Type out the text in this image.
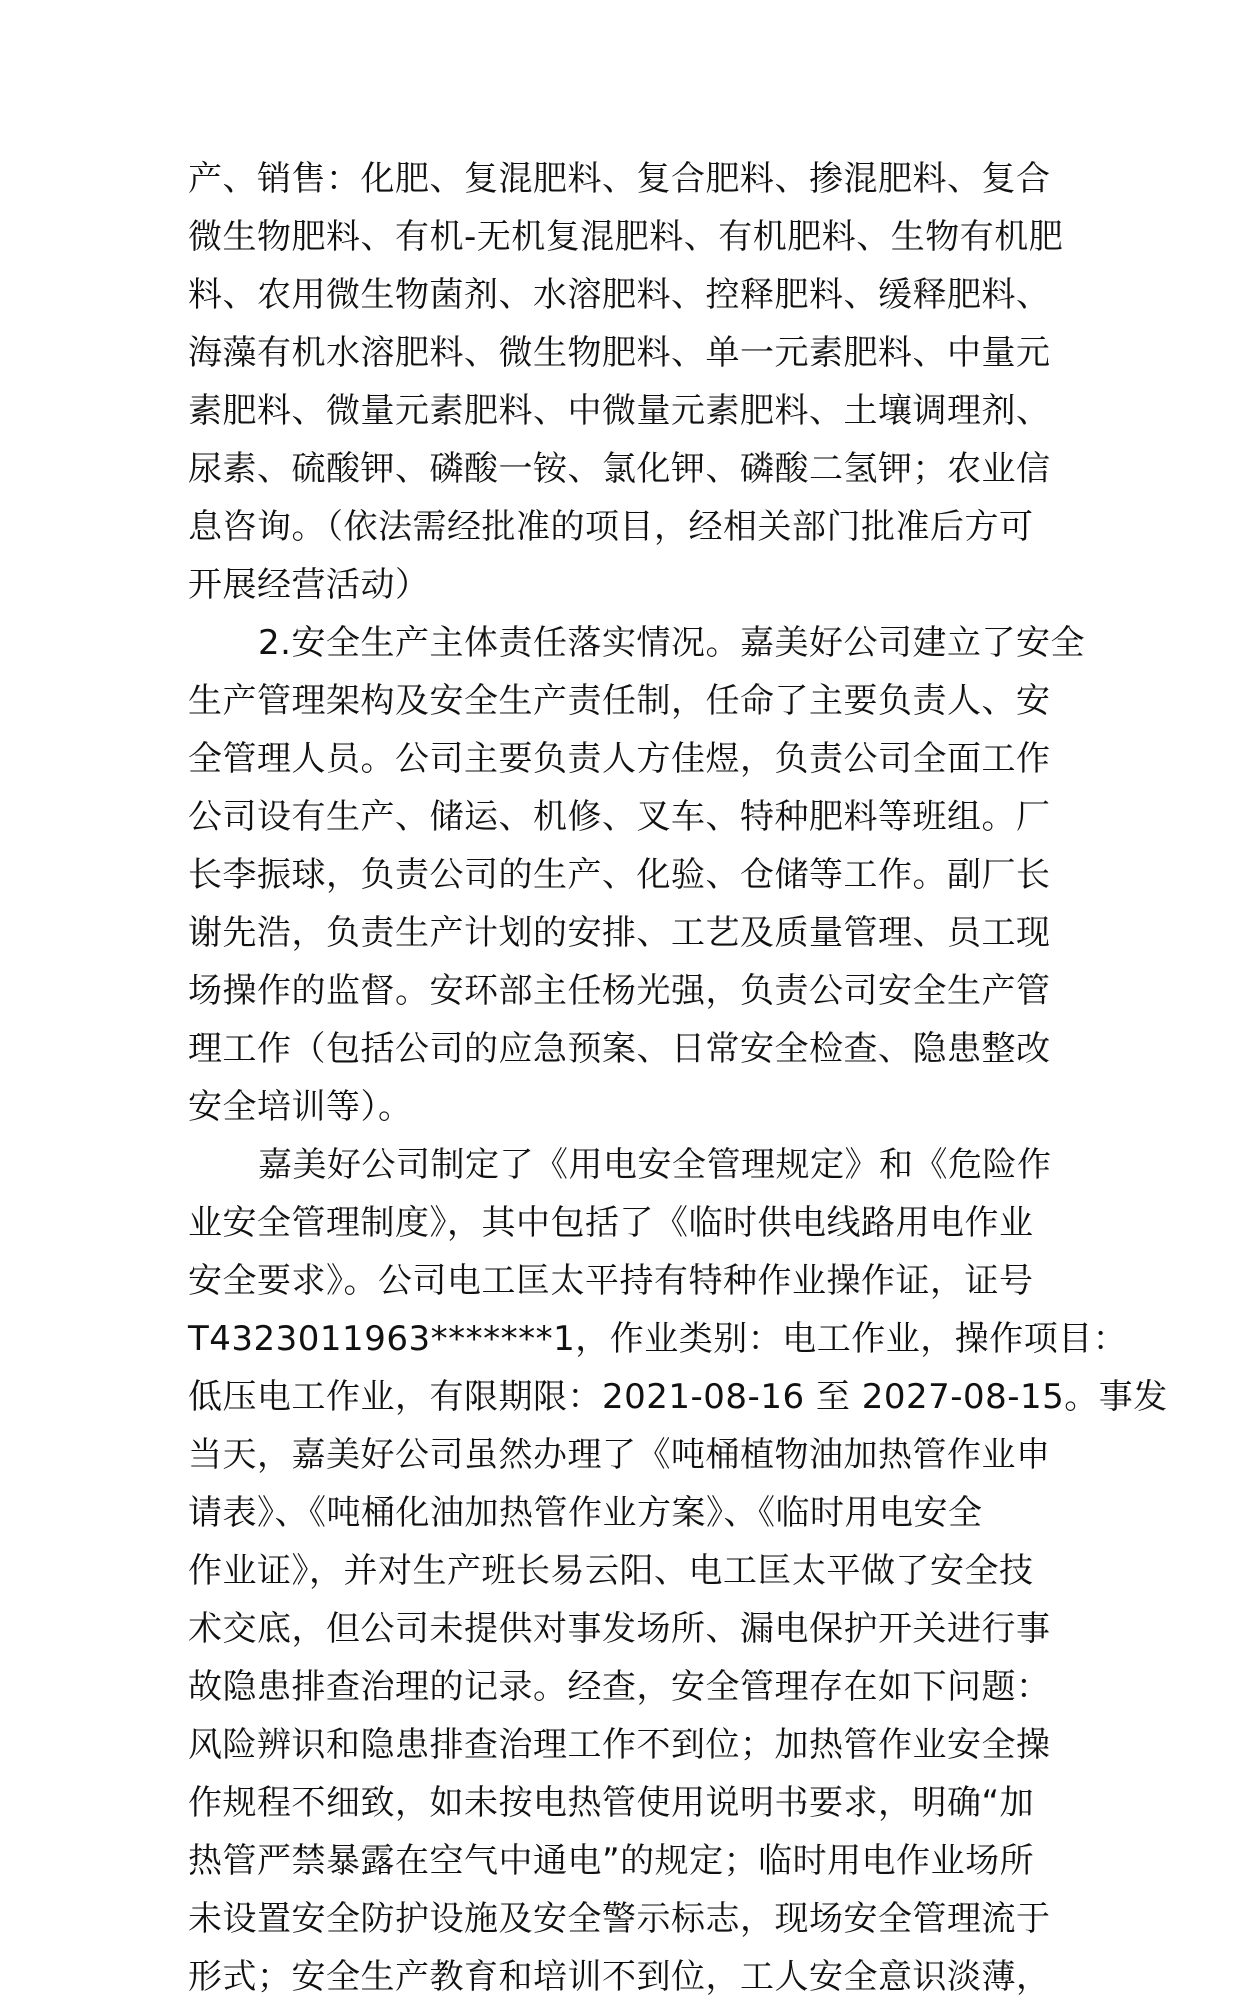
产、销售：化肥、复混肥料、复合肥料、掺混肥料、复合
微生物肥料、有机-无机复混肥料、有机肥料、生物有机肥
料、农用微生物菌剂、水溶肥料、控释肥料、缓释肥料、
海藻有机水溶肥料、微生物肥料、单一元素肥料、中量元
素肥料、微量元素肥料、中微量元素肥料、土壤调理剂、
尿素、硫酸钾、磷酸一铵、氯化钾、磷酸二氢钾；农业信
息咨询。（依法需经批准的项目，经相关部门批准后方可
开展经营活动）
2.安全生产主体责任落实情况。嘉美好公司建立了安全
生产管理架构及安全生产责任制，任命了主要负责人、安
全管理人员。公司主要负责人方佳煜，负责公司全面工作
公司设有生产、储运、机修、叉车、特种肥料等班组。厂
长李振球，负责公司的生产、化验、仓储等工作。副厂长
谢先浩，负责生产计划的安排、工艺及质量管理、员工现
场操作的监督。安环部主任杨光强，负责公司安全生产管
理工作（包括公司的应急预案、日常安全检查、隐患整改
安全培训等）。
嘉美好公司制定了《用电安全管理规定》和《危险作
业安全管理制度》，其中包括了《临时供电线路用电作业
安全要求》。公司电工匡太平持有特种作业操作证，证号
T4323011963*******1，作业类别：电工作业，操作项目：
低压电工作业，有限期限：2021-08-16 至 2027-08-15。事发
当天，嘉美好公司虽然办理了《吨桶植物油加热管作业申
请表》、《吨桶化油加热管作业方案》、《临时用电安全
作业证》，并对生产班长易云阳、电工匡太平做了安全技
术交底，但公司未提供对事发场所、漏电保护开关进行事
故隐患排查治理的记录。经查，安全管理存在如下问题：
风险辨识和隐患排查治理工作不到位；加热管作业安全操
作规程不细致，如未按电热管使用说明书要求，明确“加
热管严禁暴露在空气中通电”的规定；临时用电作业场所
未设置安全防护设施及安全警示标志，现场安全管理流于
形式；安全生产教育和培训不到位，工人安全意识淡薄，
